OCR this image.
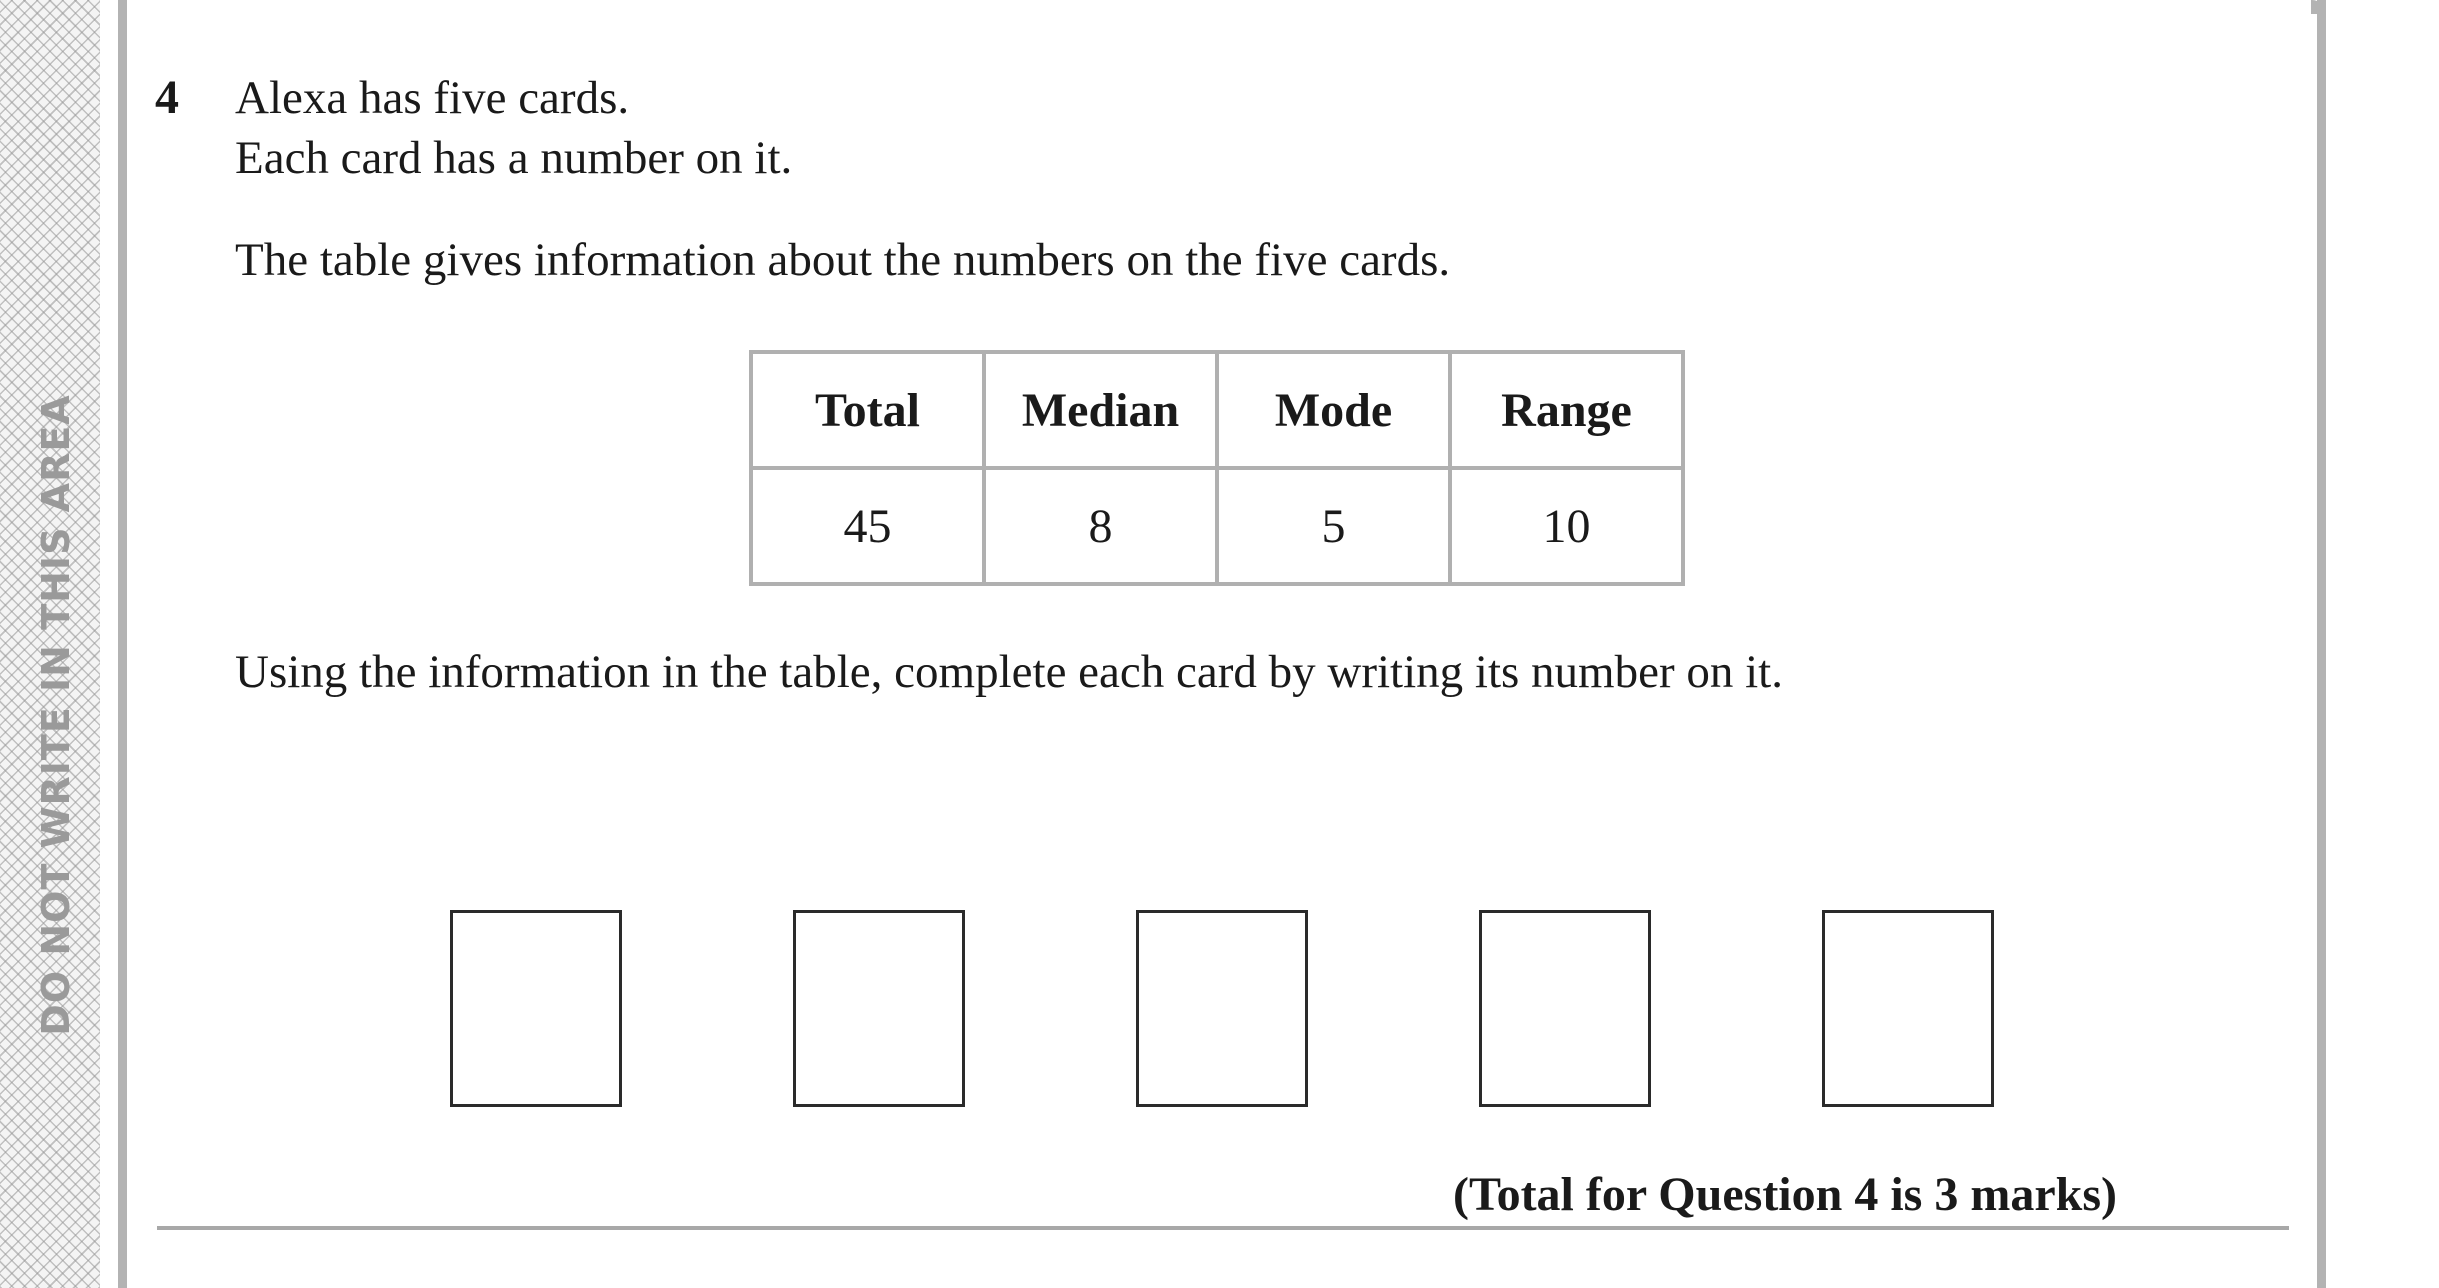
DO NOT WRITE IN THIS AREA
4 Alexa has five cards.
Each card has a number on it.
The table gives information about the numbers on the five cards.
Total	Median	Mode	Range
45	8	5	10
Using the information in the table, complete each card by writing its number on it.
(Total for Question 4 is 3 marks)
